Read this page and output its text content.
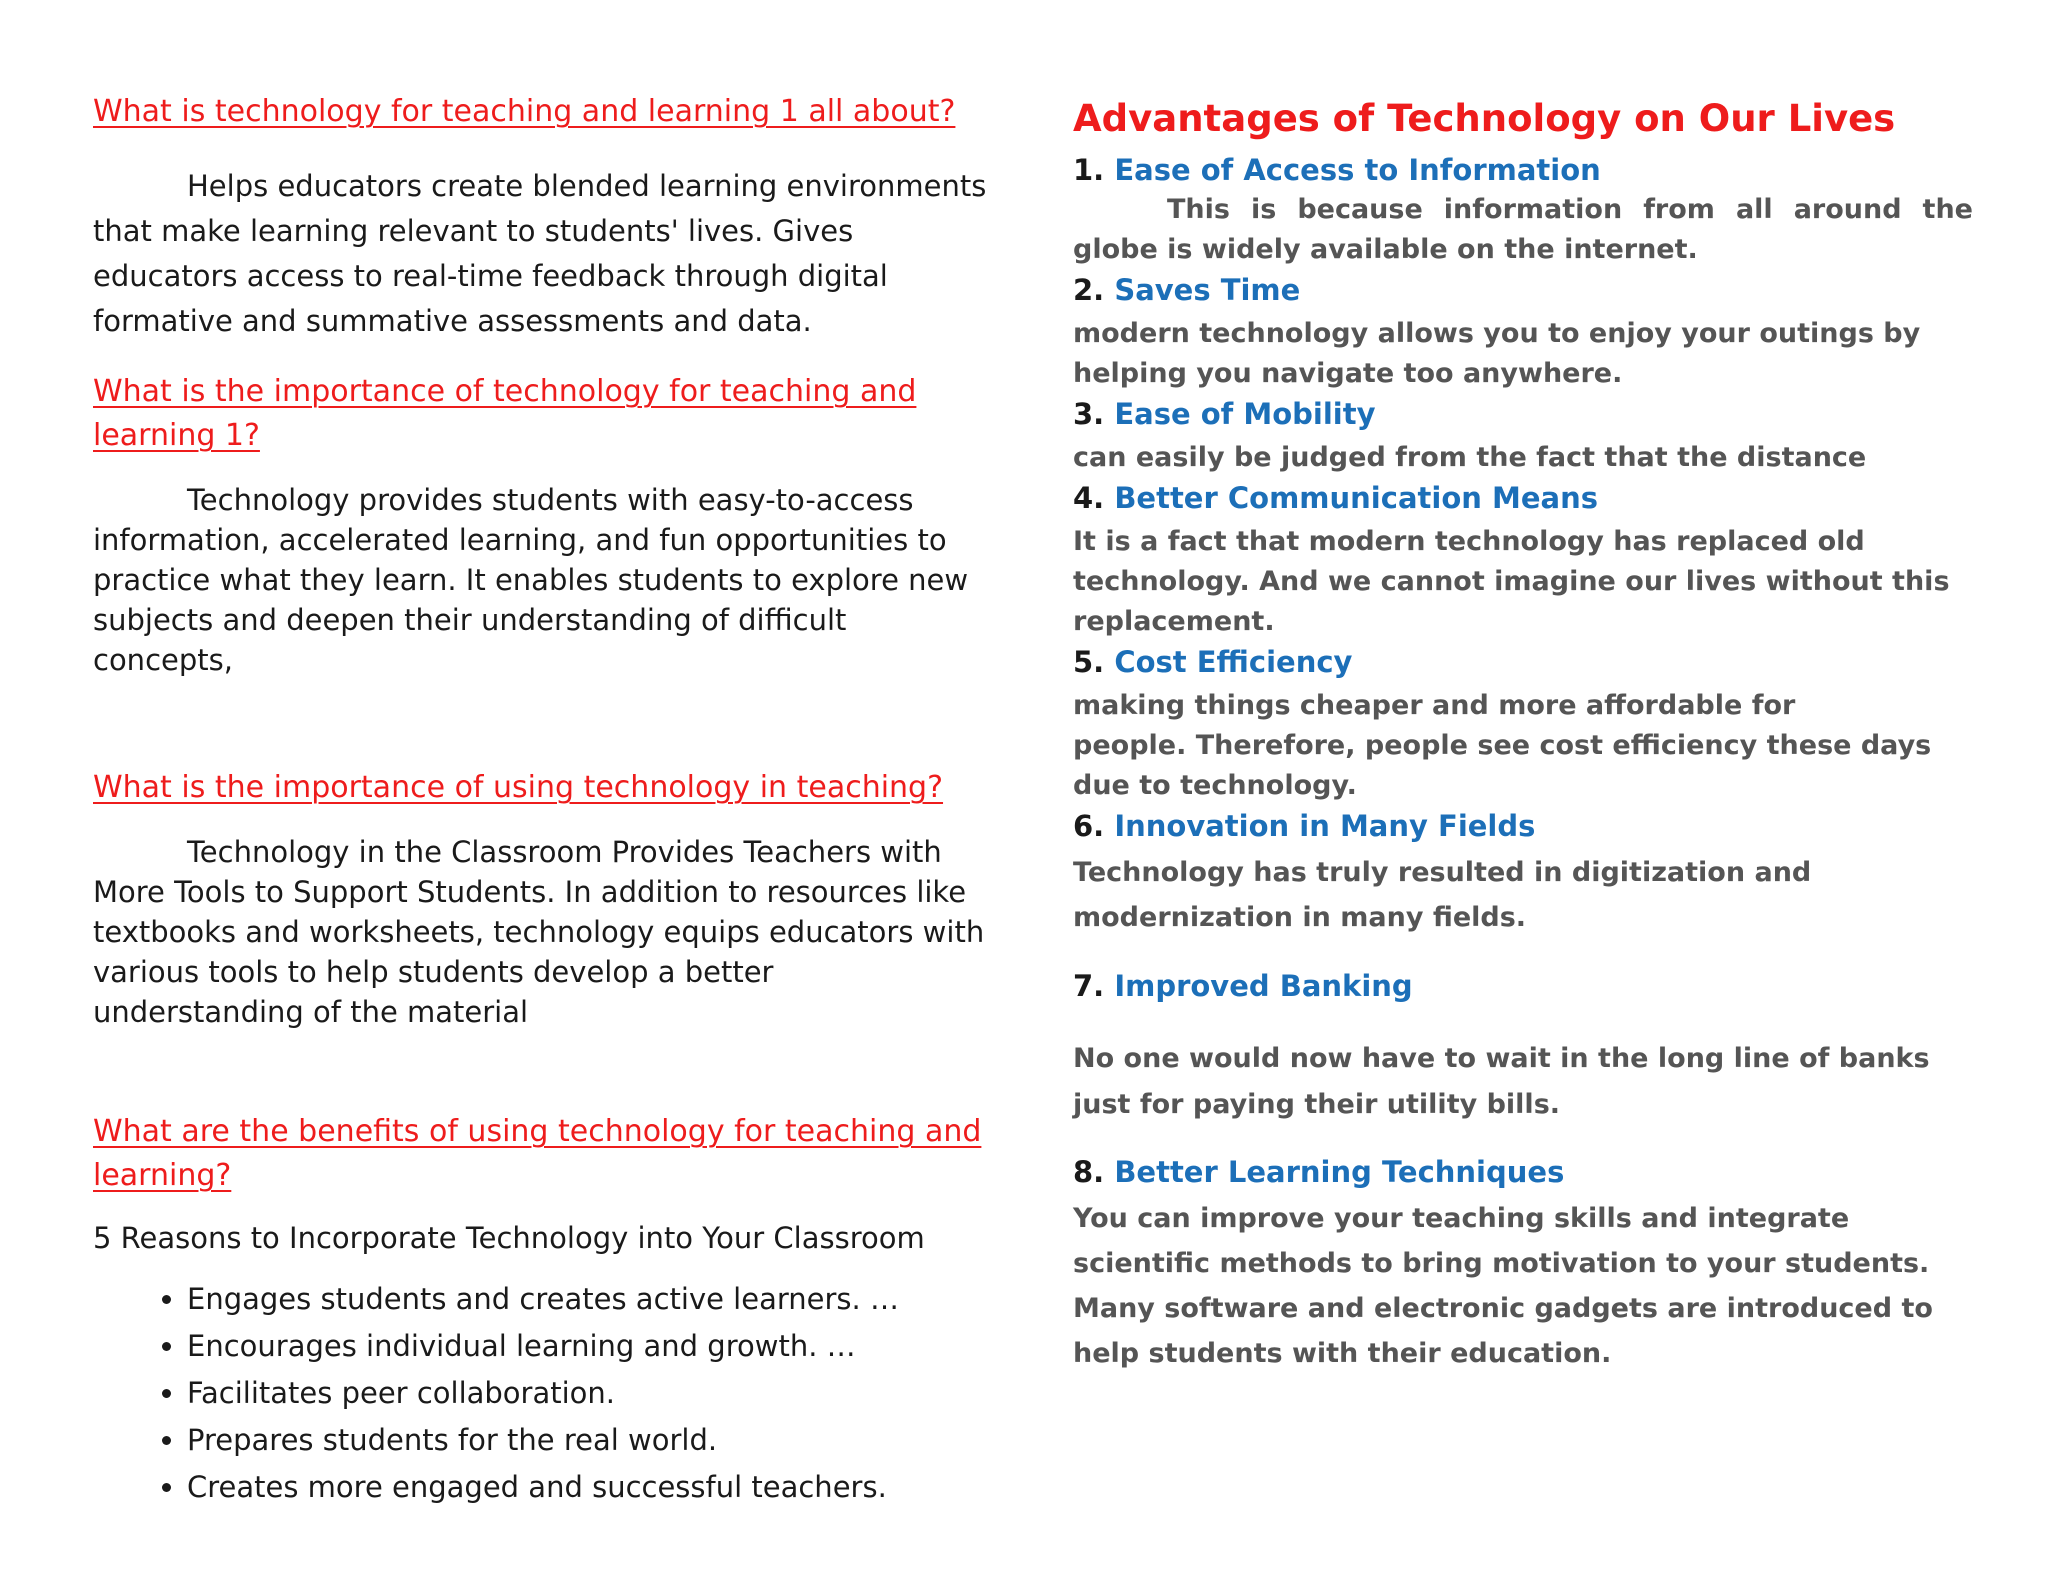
What is technology for teaching and learning 1 all about?

Helps educators create blended learning environments that make learning relevant to students' lives. Gives educators access to real-time feedback through digital formative and summative assessments and data.

What is the importance of technology for teaching and learning 1?

Technology provides students with easy-to-access information, accelerated learning, and fun opportunities to practice what they learn. It enables students to explore new subjects and deepen their understanding of difficult concepts,

What is the importance of using technology in teaching?

Technology in the Classroom Provides Teachers with More Tools to Support Students. In addition to resources like textbooks and worksheets, technology equips educators with various tools to help students develop a better understanding of the material

What are the benefits of using technology for teaching and learning?

5 Reasons to Incorporate Technology into Your Classroom

• Engages students and creates active learners. …
• Encourages individual learning and growth. …
• Facilitates peer collaboration.
• Prepares students for the real world.
• Creates more engaged and successful teachers.
Advantages of Technology on Our Lives

1. Ease of Access to Information

This is because information from all around the globe is widely available on the internet.

2. Saves Time

modern technology allows you to enjoy your outings by helping you navigate too anywhere.

3. Ease of Mobility

can easily be judged from the fact that the distance

4. Better Communication Means

It is a fact that modern technology has replaced old technology. And we cannot imagine our lives without this replacement.

5. Cost Efficiency

making things cheaper and more affordable for

people. Therefore, people see cost efficiency these days due to technology.

6. Innovation in Many Fields

Technology has truly resulted in digitization and modernization in many fields.

7. Improved Banking

No one would now have to wait in the long line of banks just for paying their utility bills.

8. Better Learning Techniques

You can improve your teaching skills and integrate scientific methods to bring motivation to your students. Many software and electronic gadgets are introduced to help students with their education.
